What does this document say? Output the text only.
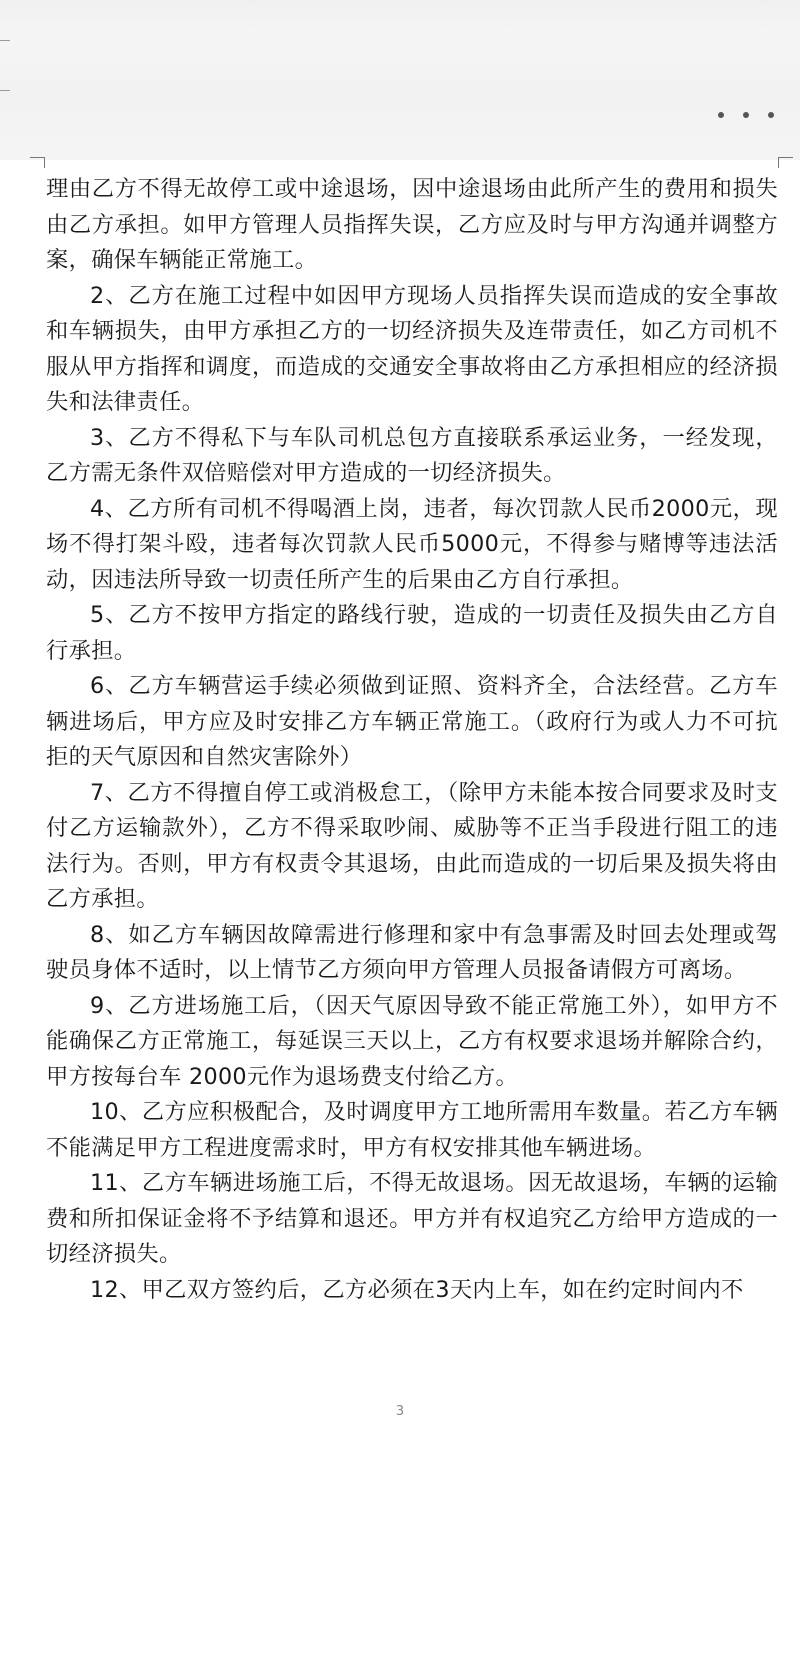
理由乙方不得无故停工或中途退场，因中途退场由此所产生的费用和损失由乙方承担。如甲方管理人员指挥失误，乙方应及时与甲方沟通并调整方案，确保车辆能正常施工。

2、乙方在施工过程中如因甲方现场人员指挥失误而造成的安全事故和车辆损失，由甲方承担乙方的一切经济损失及连带责任，如乙方司机不服从甲方指挥和调度，而造成的交通安全事故将由乙方承担相应的经济损失和法律责任。

3、乙方不得私下与车队司机总包方直接联系承运业务，一经发现，乙方需无条件双倍赔偿对甲方造成的一切经济损失。

4、乙方所有司机不得喝酒上岗，违者，每次罚款人民币2000元，现场不得打架斗殴，违者每次罚款人民币5000元，不得参与赌博等违法活动，因违法所导致一切责任所产生的后果由乙方自行承担。

5、乙方不按甲方指定的路线行驶，造成的一切责任及损失由乙方自行承担。

6、乙方车辆营运手续必须做到证照、资料齐全，合法经营。乙方车辆进场后，甲方应及时安排乙方车辆正常施工。（政府行为或人力不可抗拒的天气原因和自然灾害除外）

7、乙方不得擅自停工或消极怠工，（除甲方未能本按合同要求及时支付乙方运输款外），乙方不得采取吵闹、威胁等不正当手段进行阻工的违法行为。否则，甲方有权责令其退场，由此而造成的一切后果及损失将由乙方承担。

8、如乙方车辆因故障需进行修理和家中有急事需及时回去处理或驾驶员身体不适时，以上情节乙方须向甲方管理人员报备请假方可离场。

9、乙方进场施工后，（因天气原因导致不能正常施工外），如甲方不能确保乙方正常施工，每延误三天以上，乙方有权要求退场并解除合约，甲方按每台车 2000元作为退场费支付给乙方。

10、乙方应积极配合，及时调度甲方工地所需用车数量。若乙方车辆不能满足甲方工程进度需求时，甲方有权安排其他车辆进场。

11、乙方车辆进场施工后，不得无故退场。因无故退场，车辆的运输费和所扣保证金将不予结算和退还。甲方并有权追究乙方给甲方造成的一切经济损失。

12、甲乙双方签约后，乙方必须在3天内上车，如在约定时间内不

3
